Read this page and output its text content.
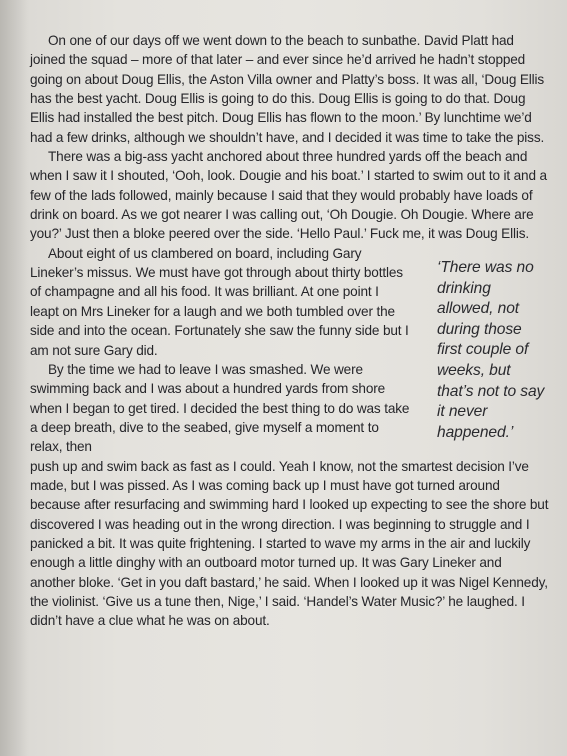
On one of our days off we went down to the beach to sunbathe. David Platt had joined the squad – more of that later – and ever since he’d arrived he hadn’t stopped going on about Doug Ellis, the Aston Villa owner and Platty’s boss. It was all, ‘Doug Ellis has the best yacht. Doug Ellis is going to do this. Doug Ellis is going to do that. Doug Ellis had installed the best pitch. Doug Ellis has flown to the moon.’ By lunchtime we’d had a few drinks, although we shouldn’t have, and I decided it was time to take the piss.

There was a big-ass yacht anchored about three hundred yards off the beach and when I saw it I shouted, ‘Ooh, look. Dougie and his boat.’ I started to swim out to it and a few of the lads followed, mainly because I said that they would probably have loads of drink on board. As we got nearer I was calling out, ‘Oh Dougie. Oh Dougie. Where are you?’ Just then a bloke peered over the side. ‘Hello Paul.’ Fuck me, it was Doug Ellis.

About eight of us clambered on board, including Gary Lineker’s missus. We must have got through about thirty bottles of champagne and all his food. It was brilliant. At one point I leapt on Mrs Lineker for a laugh and we both tumbled over the side and into the ocean. Fortunately she saw the funny side but I am not sure Gary did.

By the time we had to leave I was smashed. We were swimming back and I was about a hundred yards from shore when I began to get tired. I decided the best thing to do was take a deep breath, dive to the seabed, give myself a moment to relax, then
push up and swim back as fast as I could. Yeah I know, not the smartest decision I’ve made, but I was pissed. As I was coming back up I must have got turned around because after resurfacing and swimming hard I looked up expecting to see the shore but discovered I was heading out in the wrong direction. I was beginning to struggle and I panicked a bit. It was quite frightening. I started to wave my arms in the air and luckily enough a little dinghy with an outboard motor turned up. It was Gary Lineker and another bloke. ‘Get in you daft bastard,’ he said. When I looked up it was Nigel Kennedy, the violinist. ‘Give us a tune then, Nige,’ I said. ‘Handel’s Water Music?’ he laughed. I didn’t have a clue what he was on about.

‘There was no drinking allowed, not during those first couple of weeks, but that’s not to say it never happened.’
